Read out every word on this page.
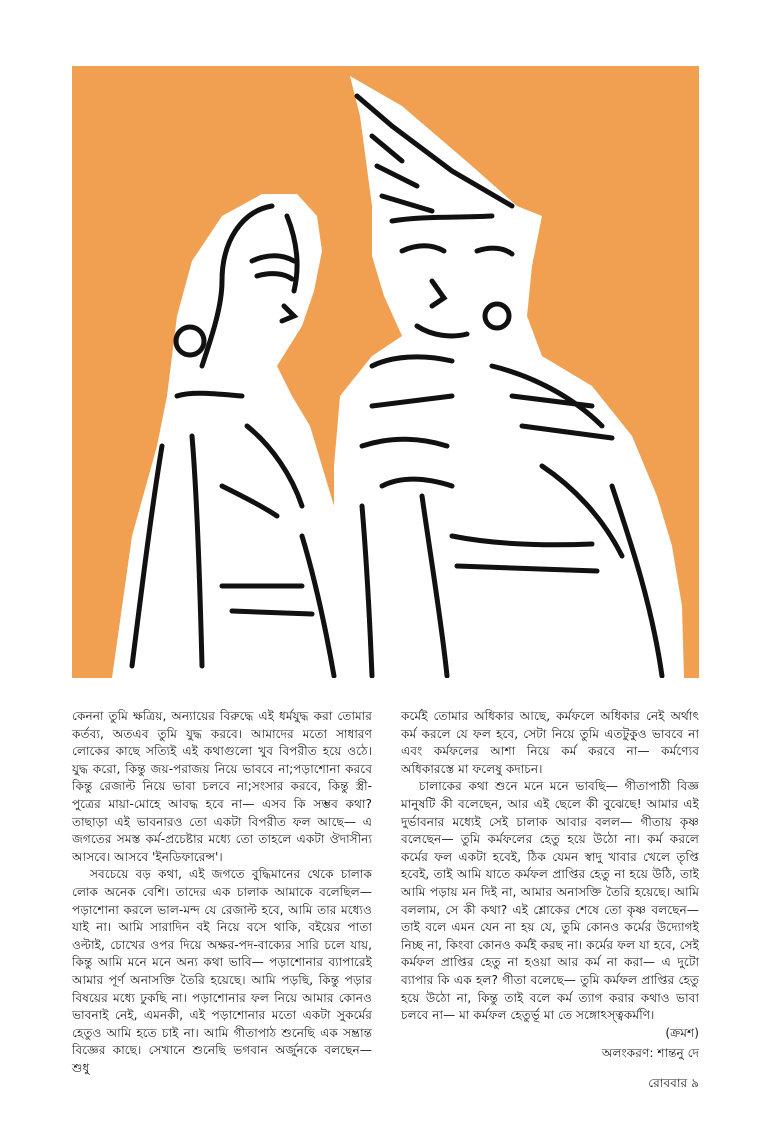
কেননা তুমি ক্ষত্রিয়, অন্যায়ের বিরুদ্ধে এই ধর্মযুদ্ধ করা তোমার কর্তব্য, অতএব তুমি যুদ্ধ করবে। আমাদের মতো সাধারণ লোকের কাছে সত্যিই এই কথাগুলো খুব বিপরীত হয়ে ওঠে। যুদ্ধ করো, কিন্তু জয়-পরাজয় নিয়ে ভাববে না;পড়াশোনা করবে কিন্তু রেজাল্ট নিয়ে ভাবা চলবে না;সংসার করবে, কিন্তু স্ত্রী-পুত্রের মায়া-মোহে আবদ্ধ হবে না— এসব কি সম্ভব কথা? তাছাড়া এই ভাবনারও তো একটা বিপরীত ফল আছে— এ জগতের সমস্ত কর্ম-প্রচেষ্টার মধ্যে তো তাহলে একটা ঔদাসীন্য আসবে। আসবে 'ইনডিফারেন্স'।

সবচেয়ে বড় কথা, এই জগতে বুদ্ধিমানের থেকে চালাক লোক অনেক বেশি। তাদের এক চালাক আমাকে বলেছিল— পড়াশোনা করলে ভাল-মন্দ যে রেজাল্ট হবে, আমি তার মধ্যেও যাই না। আমি সারাদিন বই নিয়ে বসে থাকি, বইয়ের পাতা ওল্টাই, চোখের ওপর দিয়ে অক্ষর-পদ-বাক্যের সারি চলে যায়, কিন্তু আমি মনে মনে অন্য কথা ভাবি— পড়াশোনার ব্যাপারেই আমার পূর্ণ অনাসক্তি তৈরি হয়েছে। আমি পড়ছি, কিন্তু পড়ার বিষয়ের মধ্যে ঢুকছি না। পড়াশোনার ফল নিয়ে আমার কোনও ভাবনাই নেই, এমনকী, এই পড়াশোনার মতো একটা সুকর্মের হেতুও আমি হতে চাই না। আমি গীতাপাঠ শুনেছি এক সম্ভ্রান্ত বিজ্ঞের কাছে। সেখানে শুনেছি ভগবান অর্জুনকে বলছেন— শুধু

কর্মেই তোমার অধিকার আছে, কর্মফলে অধিকার নেই অর্থাৎ কর্ম করলে যে ফল হবে, সেটা নিয়ে তুমি এতটুকুও ভাববে না এবং কর্মফলের আশা নিয়ে কর্ম করবে না— কর্মণ্যেব অধিকারস্তে মা ফলেষু কদাচন।

চালাকের কথা শুনে মনে মনে ভাবছি— গীতাপাঠী বিজ্ঞ মানুষটি কী বলেছেন, আর এই ছেলে কী বুঝেছে! আমার এই দুর্ভাবনার মধ্যেই সেই চালাক আবার বলল— গীতায় কৃষ্ণ বলেছেন— তুমি কর্মফলের হেতু হয়ে উঠো না। কর্ম করলে কর্মের ফল একটা হবেই, ঠিক যেমন স্বাদু খাবার খেলে তৃপ্তি হবেই, তাই আমি যাতে কর্মফল প্রাপ্তির হেতু না হয়ে উঠি, তাই আমি পড়ায় মন দিই না, আমার অনাসক্তি তৈরি হয়েছে। আমি বললাম, সে কী কথা? এই শ্লোকের শেষে তো কৃষ্ণ বলছেন— তাই বলে এমন যেন না হয় যে, তুমি কোনও কর্মের উদ্যোগই নিচ্ছ না, কিংবা কোনও কর্মই করছ না। কর্মের ফল যা হবে, সেই কর্মফল প্রাপ্তির হেতু না হওয়া আর কর্ম না করা— এ দুটো ব্যাপার কি এক হল? গীতা বলেছে— তুমি কর্মফল প্রাপ্তির হেতু হয়ে উঠো না, কিন্তু তাই বলে কর্ম ত্যাগ করার কথাও ভাবা চলবে না— মা কর্মফল হেতুর্ভূ মা তে সঙ্গোঽস্ত্বকর্মণি।

(ক্রমশ)
অলংকরণ: শান্তনু দে
রোববার ৯
